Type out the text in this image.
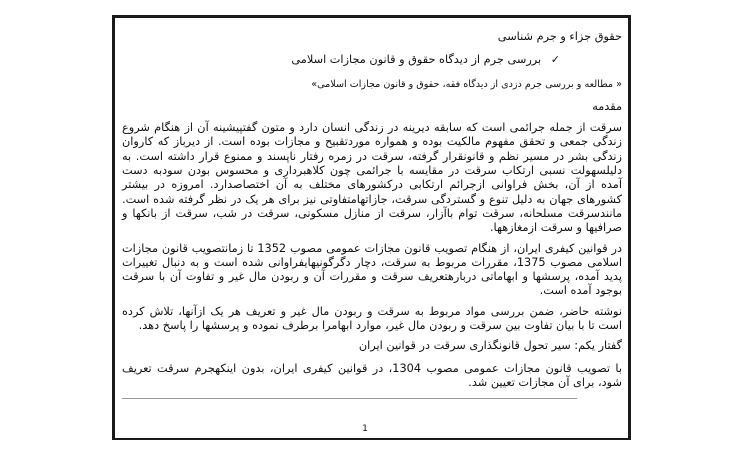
حقوق جزاء و جرم شناسی

✓ بررسی جرم از دیدگاه حقوق و قانون مجازات اسلامی

« مطالعه و بررسی جرم دزدی از دیدگاه فقه، حقوق و قانون مجازات اسلامی»

مقدمه

سرقت از جمله جرائمی است که سابقه دیرینه در زندگی انسان دارد و متون گفتپیشینه آن از هنگام شروع زندگی جمعی و تحقق مفهوم مالکیت بوده و همواره موردتقبیح و مجازات بوده است. از دیرباز که کاروان زندگی بشر در مسیر نظم و قانونقرار گرفته، سرقت در زمره رفتار ناپسند و ممنوع قرار داشته است. به دلیلسهولت نسبی ارتکاب سرقت در مقایسه با جرائمی چون کلاهبرداری و محسوس بودن سودبه دست آمده از آن، بخش فراوانی ازجرائم ارتکابی درکشورهای مختلف به آن اختصاصدارد. امروزه در بیشتر کشورهای جهان به دلیل تنوع و گستردگی سرقت، جازاتهامتفاوتی نیز برای هر یک در نظر گرفته شده است. مانندسرقت مسلحانه، سرقت توام باآزار، سرقت از منازل مسکونی، سرقت در شب، سرقت از بانکها و صرافیها و سرقت ازمغازهها.

در قوانین کیفری ایران، از هنگام تصویب قانون مجازات عمومی مصوب 1352 تا زمانتصویب قانون مجازات اسلامی مصوب 1375، مقررات مربوط به سرقت، دچار دگرگونیهایفراوانی شده است و به دنبال تغییرات پدید آمده، پرسشها و ابهاماتی دربارهتعریف سرقت و مقررات آن و ربودن مال غیر و تفاوت آن با سرقت بوجود آمده است.

نوشته حاضر، ضمن بررسی مواد مربوط به سرقت و ربودن مال غیر و تعریف هر یک ازآنها، تلاش کرده است تا با بیان تفاوت بین سرقت و ربودن مال غیر، موارد ابهامرا برطرف نموده و پرسشها را پاسخ دهد.

گفتار یکم: سیر تحول قانونگذاری سرقت در قوانین ایران

با تصویب قانون مجازات عمومی مصوب 1304، در قوانین کیفری ایران، بدون اینکهجرم سرقت تعریف شود، برای آن مجازات تعیین شد.

1
